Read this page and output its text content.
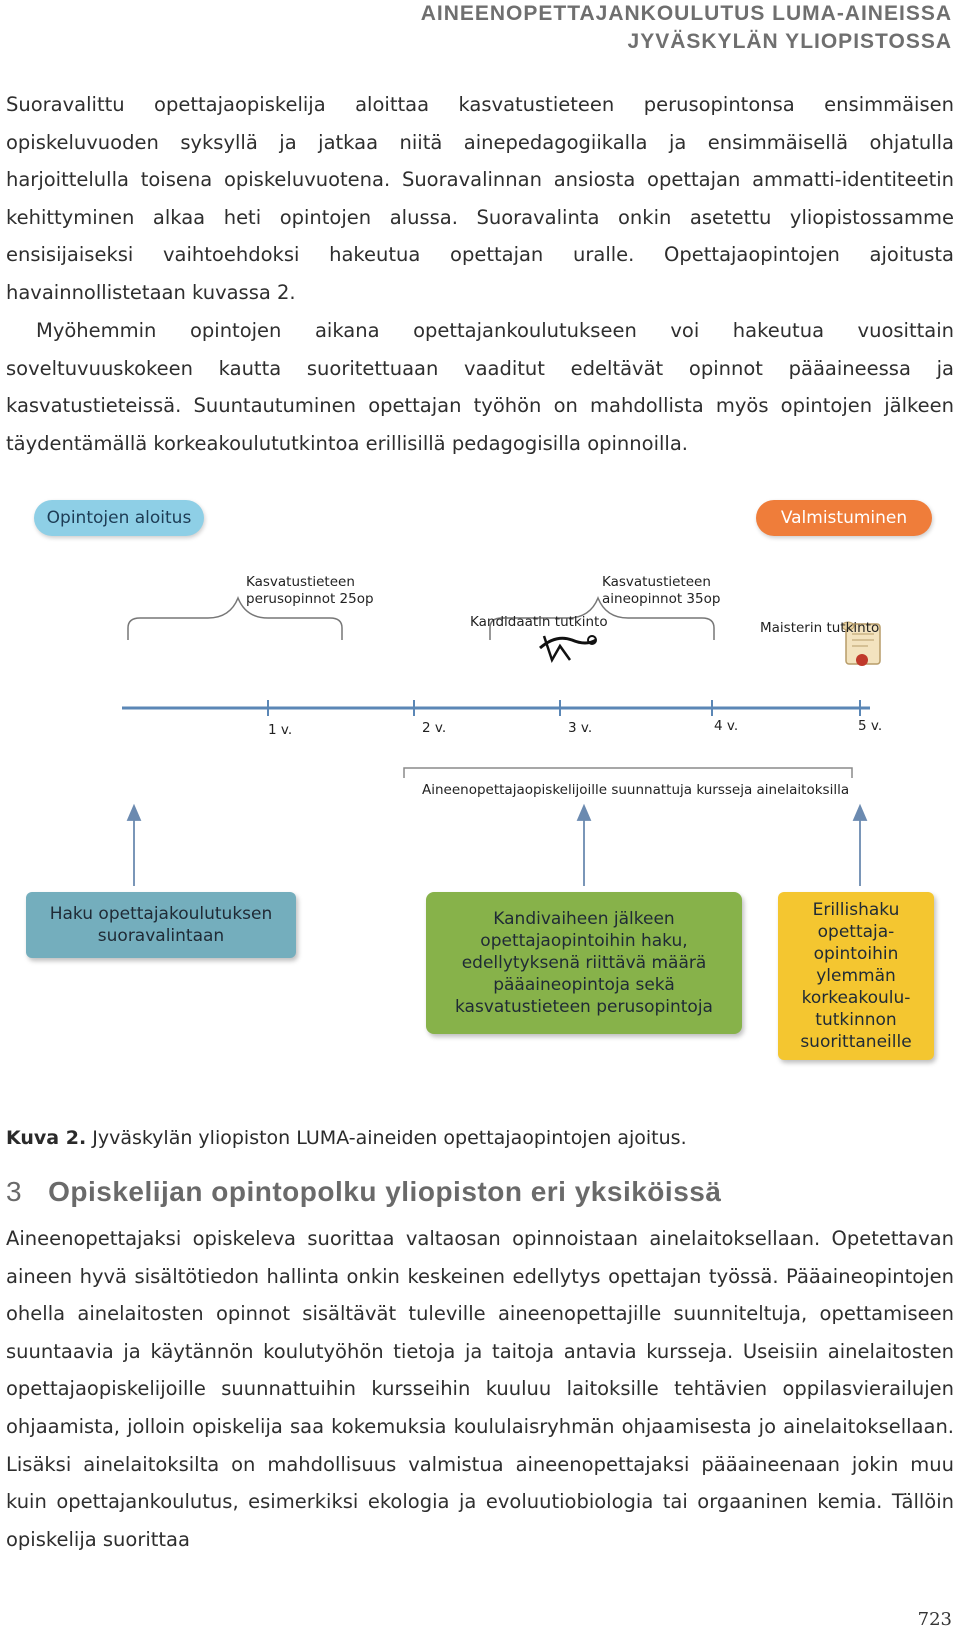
AINEENOPETTAJANKOULUTUS LUMA-AINEISSA
JYVÄSKYLÄN YLIOPISTOSSA

Suoravalittu opettajaopiskelija aloittaa kasvatustieteen perusopintonsa ensimmäisen opiskeluvuoden syksyllä ja jatkaa niitä ainepedagogiikalla ja ensimmäisellä ohjatulla harjoittelulla toisena opiskeluvuotena. Suoravalinnan ansiosta opettajan ammatti-identiteetin kehittyminen alkaa heti opintojen alussa. Suoravalinta onkin asetettu yliopistossamme ensisijaiseksi vaihtoehdoksi hakeutua opettajan uralle. Opettajaopintojen ajoitusta havainnollistetaan kuvassa 2.

Myöhemmin opintojen aikana opettajankoulutukseen voi hakeutua vuosittain soveltuvuuskokeen kautta suoritettuaan vaaditut edeltävät opinnot pääaineessa ja kasvatustieteissä. Suuntautuminen opettajan työhön on mahdollista myös opintojen jälkeen täydentämällä korkeakoulututkintoa erillisillä pedagogisilla opinnoilla.

Opintojen aloitus	Valmistuminen
Kasvatustieteen
perusopinnot 25op
Kasvatustieteen
aineopinnot 35op
Kandidaatin tutkinto	Maisterin tutkinto
1 v.	2 v.	3 v.	4 v.	5 v.
Aineenopettajaopiskelijoille suunnattuja kursseja ainelaitoksilla
Haku opettajakoulutuksen
suoravalintaan
Kandivaiheen jälkeen
opettajaopintoihin haku,
edellytyksenä riittävä määrä
pääaineopintoja sekä
kasvatustieteen perusopintoja
Erillishaku
opettaja-
opintoihin
ylemmän
korkeakoulu-
tutkinnon
suorittaneille
Kuva 2. Jyväskylän yliopiston LUMA-aineiden opettajaopintojen ajoitus.
3 Opiskelijan opintopolku yliopiston eri yksiköissä

Aineenopettajaksi opiskeleva suorittaa valtaosan opinnoistaan ainelaitoksellaan. Opetettavan aineen hyvä sisältötiedon hallinta onkin keskeinen edellytys opettajan työssä. Pääaineopintojen ohella ainelaitosten opinnot sisältävät tuleville aineenopettajille suunniteltuja, opettamiseen suuntaavia ja käytännön koulutyöhön tietoja ja taitoja antavia kursseja. Useisiin ainelaitosten opettajaopiskelijoille suunnattuihin kursseihin kuuluu laitoksille tehtävien oppilasvierailujen ohjaamista, jolloin opiskelija saa kokemuksia koululaisryhmän ohjaamisesta jo ainelaitoksellaan. Lisäksi ainelaitoksilta on mahdollisuus valmistua aineenopettajaksi pääaineenaan jokin muu kuin opettajankoulutus, esimerkiksi ekologia ja evoluutiobiologia tai orgaaninen kemia. Tällöin opiskelija suorittaa

723
